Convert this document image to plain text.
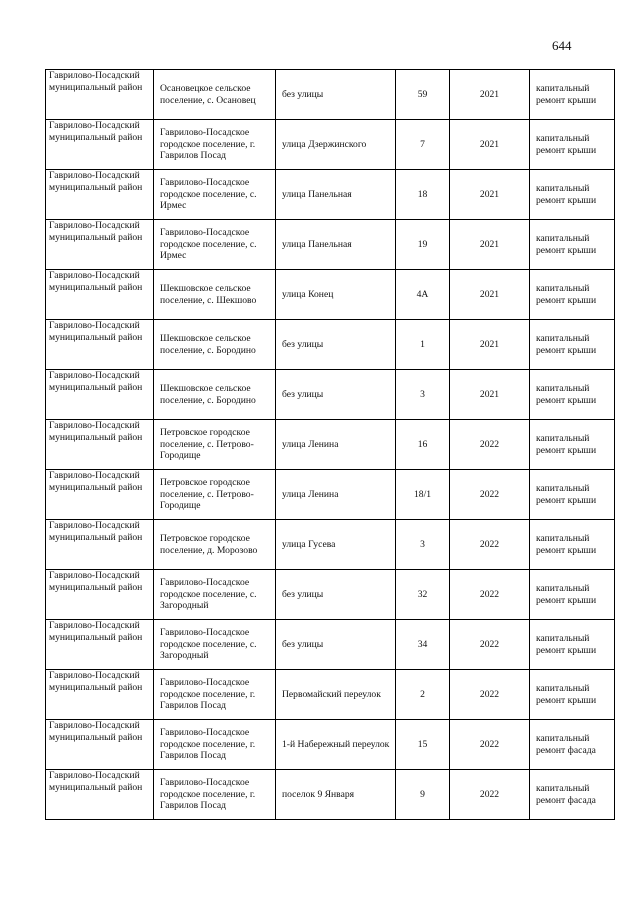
644
Гаврилово-Посадский муниципальный район	Осановецкое сельское поселение, с. Осановец	без улицы	59	2021	капитальный ремонт крыши
Гаврилово-Посадский муниципальный район	Гаврилово-Посадское городское поселение, г. Гаврилов Посад	улица Дзержинского	7	2021	капитальный ремонт крыши
Гаврилово-Посадский муниципальный район	Гаврилово-Посадское городское поселение, с. Ирмес	улица Панельная	18	2021	капитальный ремонт крыши
Гаврилово-Посадский муниципальный район	Гаврилово-Посадское городское поселение, с. Ирмес	улица Панельная	19	2021	капитальный ремонт крыши
Гаврилово-Посадский муниципальный район	Шекшовское сельское поселение, с. Шекшово	улица Конец	4А	2021	капитальный ремонт крыши
Гаврилово-Посадский муниципальный район	Шекшовское сельское поселение, с. Бородино	без улицы	1	2021	капитальный ремонт крыши
Гаврилово-Посадский муниципальный район	Шекшовское сельское поселение, с. Бородино	без улицы	3	2021	капитальный ремонт крыши
Гаврилово-Посадский муниципальный район	Петровское городское поселение, с. Петрово-Городище	улица Ленина	16	2022	капитальный ремонт крыши
Гаврилово-Посадский муниципальный район	Петровское городское поселение, с. Петрово-Городище	улица Ленина	18/1	2022	капитальный ремонт крыши
Гаврилово-Посадский муниципальный район	Петровское городское поселение, д. Морозово	улица Гусева	3	2022	капитальный ремонт крыши
Гаврилово-Посадский муниципальный район	Гаврилово-Посадское городское поселение, с. Загородный	без улицы	32	2022	капитальный ремонт крыши
Гаврилово-Посадский муниципальный район	Гаврилово-Посадское городское поселение, с. Загородный	без улицы	34	2022	капитальный ремонт крыши
Гаврилово-Посадский муниципальный район	Гаврилово-Посадское городское поселение, г. Гаврилов Посад	Первомайский переулок	2	2022	капитальный ремонт крыши
Гаврилово-Посадский муниципальный район	Гаврилово-Посадское городское поселение, г. Гаврилов Посад	1-й Набережный переулок	15	2022	капитальный ремонт фасада
Гаврилово-Посадский муниципальный район	Гаврилово-Посадское городское поселение, г. Гаврилов Посад	поселок 9 Января	9	2022	капитальный ремонт фасада
